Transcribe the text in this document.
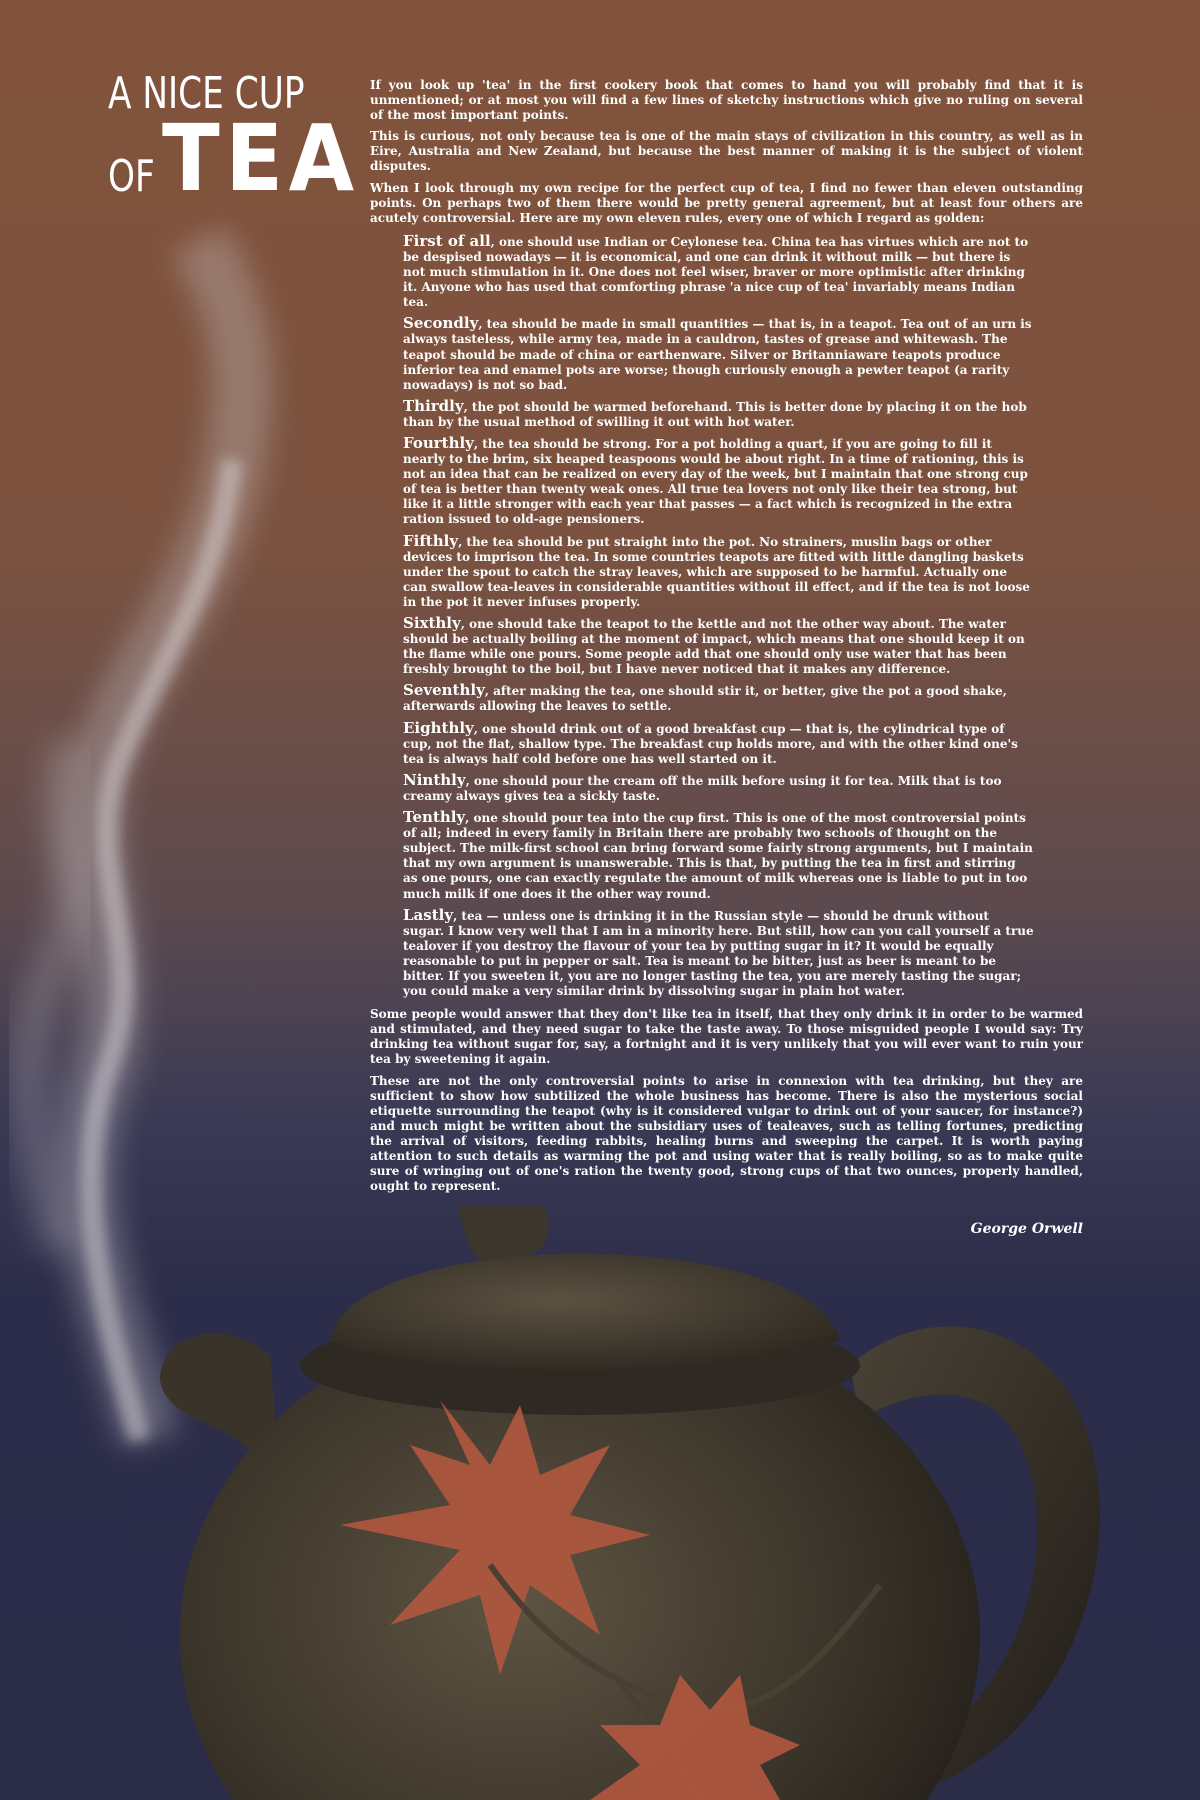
A NICE CUP
OF TEA

If you look up 'tea' in the first cookery book that comes to hand you will probably find that it is unmentioned; or at most you will find a few lines of sketchy instructions which give no ruling on several of the most important points.

This is curious, not only because tea is one of the main stays of civilization in this country, as well as in Eire, Australia and New Zealand, but because the best manner of making it is the subject of violent disputes.

When I look through my own recipe for the perfect cup of tea, I find no fewer than eleven outstanding points. On perhaps two of them there would be pretty general agreement, but at least four others are acutely controversial. Here are my own eleven rules, every one of which I regard as golden:

First of all, one should use Indian or Ceylonese tea. China tea has virtues which are not to be despised nowadays — it is economical, and one can drink it without milk — but there is not much stimulation in it. One does not feel wiser, braver or more optimistic after drinking it. Anyone who has used that comforting phrase 'a nice cup of tea' invariably means Indian tea.

Secondly, tea should be made in small quantities — that is, in a teapot. Tea out of an urn is always tasteless, while army tea, made in a cauldron, tastes of grease and whitewash. The teapot should be made of china or earthenware. Silver or Britanniaware teapots produce inferior tea and enamel pots are worse; though curiously enough a pewter teapot (a rarity nowadays) is not so bad.

Thirdly, the pot should be warmed beforehand. This is better done by placing it on the hob than by the usual method of swilling it out with hot water.

Fourthly, the tea should be strong. For a pot holding a quart, if you are going to fill it nearly to the brim, six heaped teaspoons would be about right. In a time of rationing, this is not an idea that can be realized on every day of the week, but I maintain that one strong cup of tea is better than twenty weak ones. All true tea lovers not only like their tea strong, but like it a little stronger with each year that passes — a fact which is recognized in the extra ration issued to old-age pensioners.

Fifthly, the tea should be put straight into the pot. No strainers, muslin bags or other devices to imprison the tea. In some countries teapots are fitted with little dangling baskets under the spout to catch the stray leaves, which are supposed to be harmful. Actually one can swallow tea-leaves in considerable quantities without ill effect, and if the tea is not loose in the pot it never infuses properly.

Sixthly, one should take the teapot to the kettle and not the other way about. The water should be actually boiling at the moment of impact, which means that one should keep it on the flame while one pours. Some people add that one should only use water that has been freshly brought to the boil, but I have never noticed that it makes any difference.

Seventhly, after making the tea, one should stir it, or better, give the pot a good shake, afterwards allowing the leaves to settle.

Eighthly, one should drink out of a good breakfast cup — that is, the cylindrical type of cup, not the flat, shallow type. The breakfast cup holds more, and with the other kind one's tea is always half cold before one has well started on it.

Ninthly, one should pour the cream off the milk before using it for tea. Milk that is too creamy always gives tea a sickly taste.

Tenthly, one should pour tea into the cup first. This is one of the most controversial points of all; indeed in every family in Britain there are probably two schools of thought on the subject. The milk-first school can bring forward some fairly strong arguments, but I maintain that my own argument is unanswerable. This is that, by putting the tea in first and stirring as one pours, one can exactly regulate the amount of milk whereas one is liable to put in too much milk if one does it the other way round.

Lastly, tea — unless one is drinking it in the Russian style — should be drunk without sugar. I know very well that I am in a minority here. But still, how can you call yourself a true tealover if you destroy the flavour of your tea by putting sugar in it? It would be equally reasonable to put in pepper or salt. Tea is meant to be bitter, just as beer is meant to be bitter. If you sweeten it, you are no longer tasting the tea, you are merely tasting the sugar; you could make a very similar drink by dissolving sugar in plain hot water.

Some people would answer that they don't like tea in itself, that they only drink it in order to be warmed and stimulated, and they need sugar to take the taste away. To those misguided people I would say: Try drinking tea without sugar for, say, a fortnight and it is very unlikely that you will ever want to ruin your tea by sweetening it again.

These are not the only controversial points to arise in connexion with tea drinking, but they are sufficient to show how subtilized the whole business has become. There is also the mysterious social etiquette surrounding the teapot (why is it considered vulgar to drink out of your saucer, for instance?) and much might be written about the subsidiary uses of tealeaves, such as telling fortunes, predicting the arrival of visitors, feeding rabbits, healing burns and sweeping the carpet. It is worth paying attention to such details as warming the pot and using water that is really boiling, so as to make quite sure of wringing out of one's ration the twenty good, strong cups of that two ounces, properly handled, ought to represent.

George Orwell
